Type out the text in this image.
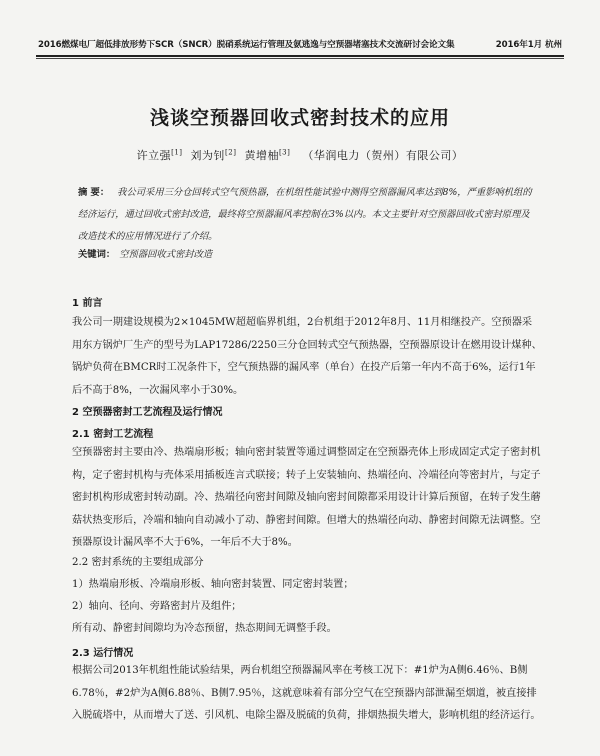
2016燃煤电厂超低排放形势下SCR（SNCR）脱硝系统运行管理及氨逃逸与空预器堵塞技术交流研讨会论文集	2016年1月 杭州
浅谈空预器回收式密封技术的应用
许立强[1] 刘为钊[2] 黄增柚[3] （华润电力（贺州）有限公司）
摘 要： 我公司采用三分仓回转式空气预热器，在机组性能试验中测得空预器漏风率达到8%，严重影响机组的经济运行，通过回收式密封改造，最终将空预器漏风率控制在3%以内。本文主要针对空预器回收式密封原理及改造技术的应用情况进行了介绍。
关键词： 空预器回收式密封改造
1 前言
我公司一期建设规模为2×1045MW超超临界机组，2台机组于2012年8月、11月相继投产。空预器采用东方锅炉厂生产的型号为LAP17286/2250三分仓回转式空气预热器，空预器原设计在燃用设计煤种、锅炉负荷在BMCR时工况条件下，空气预热器的漏风率（单台）在投产后第一年内不高于6%，运行1年后不高于8%，一次漏风率小于30%。
2 空预器密封工艺流程及运行情况
2.1 密封工艺流程
空预器密封主要由冷、热端扇形板；轴向密封装置等通过调整固定在空预器壳体上形成固定式定子密封机构，定子密封机构与壳体采用插板连言式联接；转子上安装轴向、热端径向、冷端径向等密封片，与定子密封机构形成密封转动副。冷、热端径向密封间隙及轴向密封间隙都采用设计计算后预留，在转子发生蘑菇状热变形后，冷端和轴向自动减小了动、静密封间隙。但增大的热端径向动、静密封间隙无法调整。空预器原设计漏风率不大于6%，一年后不大于8%。
2.2 密封系统的主要组成部分
1）热端扇形板、冷端扇形板、轴向密封装置、同定密封装置；
2）轴向、径向、旁路密封片及组件；
所有动、静密封间隙均为冷态预留，热态期间无调整手段。
2.3 运行情况
根据公司2013年机组性能试验结果，两台机组空预器漏风率在考核工况下：#1炉为A侧6.46％、B侧6.78％，#2炉为A侧6.88％、B侧7.95％，这就意味着有部分空气在空预器内部泄漏至烟道，被直接排入脱硫塔中，从而增大了送、引风机、电除尘器及脱硫的负荷，排烟热损失增大，影响机组的经济运行。
